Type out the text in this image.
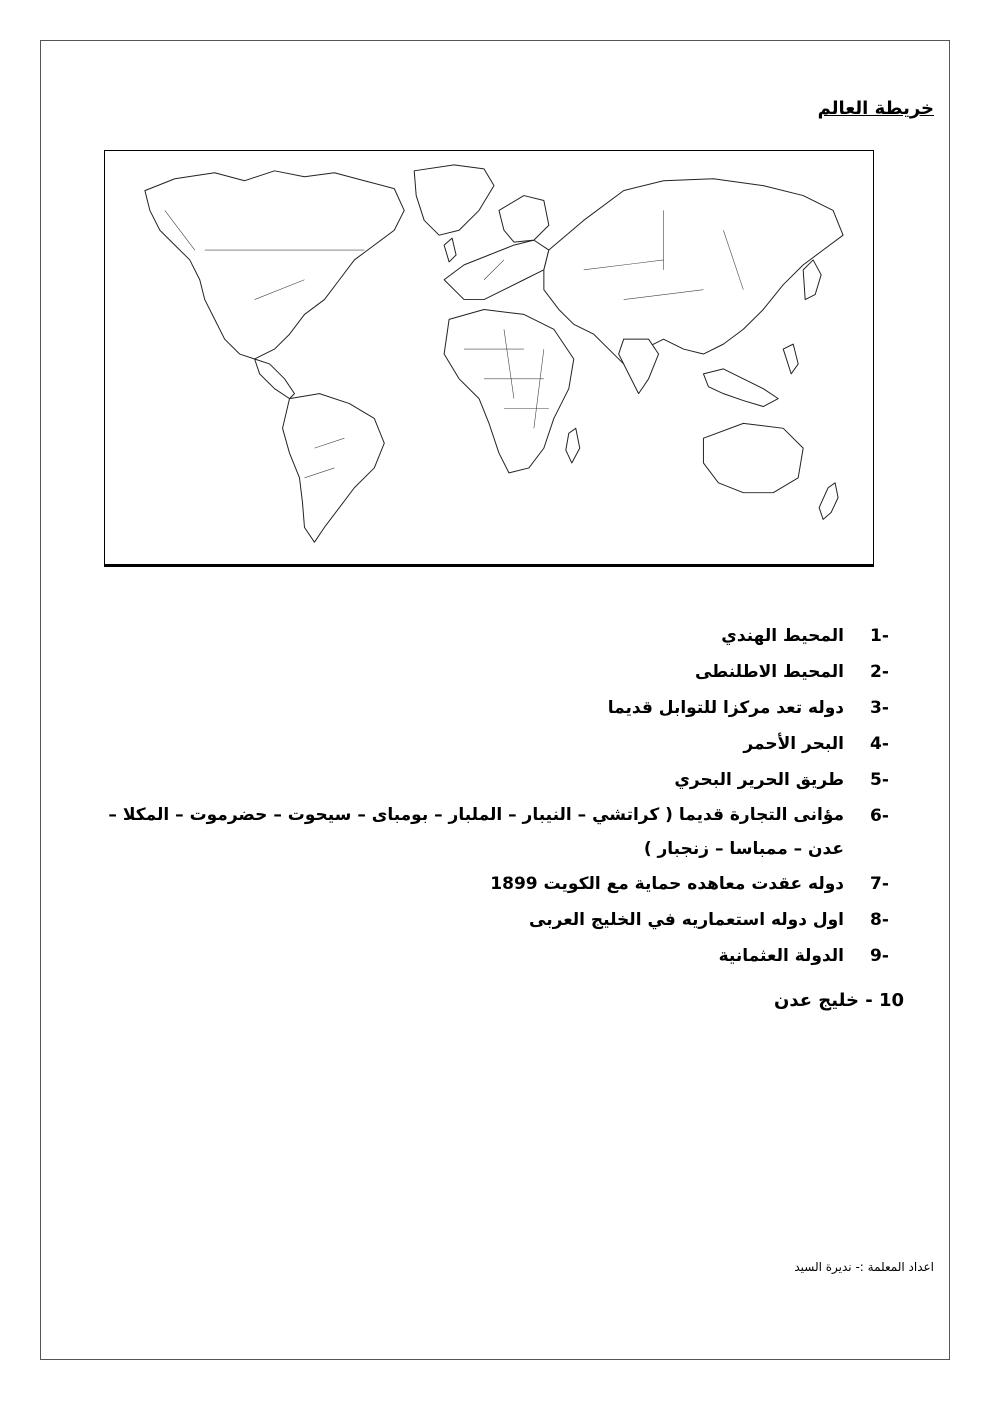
خريطة العالم
1-
المحيط الهندي
2-
المحيط الاطلنطى
3-
دوله تعد مركزا للتوابل قديما
4-
البحر الأحمر
5-
طريق الحرير البحري
6-
مؤانى التجارة قديما ( كراتشي – النيبار – الملبار – بومباى – سيحوت – حضرموت – المكلا – عدن – ممباسا – زنجبار )
7-
دوله عقدت معاهده حماية مع الكويت 1899
8-
اول دوله استعماريه في الخليج العربى
9-
الدولة العثمانية
10 - خليج عدن
اعداد المعلمة :- نديرة السيد
